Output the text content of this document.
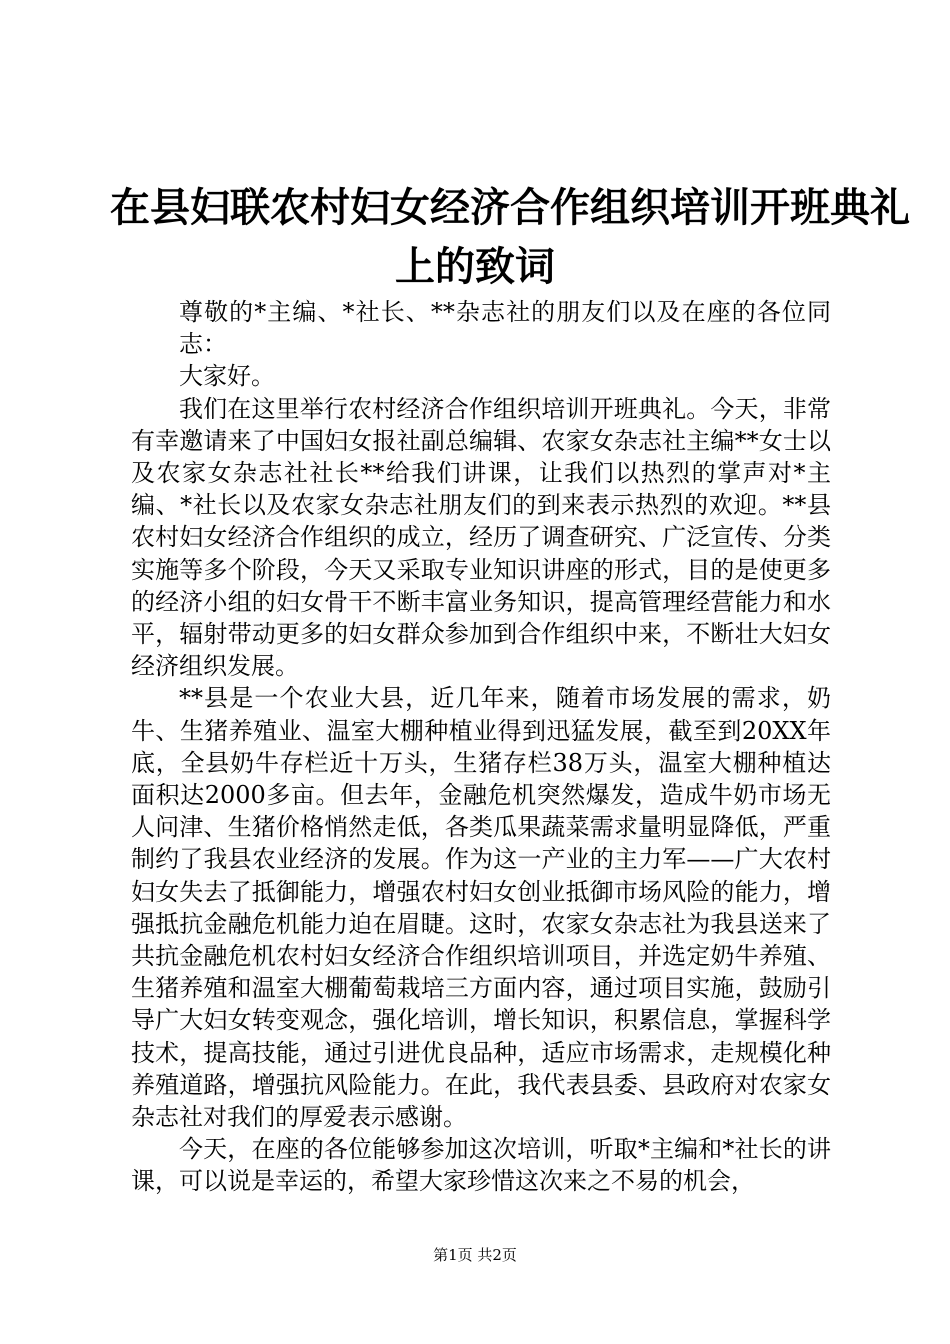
在县妇联农村妇女经济合作组织培训开班典礼
上的致词

尊敬的*主编、*社长、**杂志社的朋友们以及在座的各位同志：

大家好。

我们在这里举行农村经济合作组织培训开班典礼。今天，非常有幸邀请来了中国妇女报社副总编辑、农家女杂志社主编**女士以及农家女杂志社社长**给我们讲课，让我们以热烈的掌声对*主编、*社长以及农家女杂志社朋友们的到来表示热烈的欢迎。**县农村妇女经济合作组织的成立，经历了调查研究、广泛宣传、分类实施等多个阶段，今天又采取专业知识讲座的形式，目的是使更多的经济小组的妇女骨干不断丰富业务知识，提高管理经营能力和水平，辐射带动更多的妇女群众参加到合作组织中来，不断壮大妇女经济组织发展。

**县是一个农业大县，近几年来，随着市场发展的需求，奶牛、生猪养殖业、温室大棚种植业得到迅猛发展，截至到20XX年底，全县奶牛存栏近十万头，生猪存栏38万头，温室大棚种植达面积达2000多亩。但去年，金融危机突然爆发，造成牛奶市场无人问津、生猪价格悄然走低，各类瓜果蔬菜需求量明显降低，严重制约了我县农业经济的发展。作为这一产业的主力军——广大农村妇女失去了抵御能力，增强农村妇女创业抵御市场风险的能力，增强抵抗金融危机能力迫在眉睫。这时，农家女杂志社为我县送来了共抗金融危机农村妇女经济合作组织培训项目，并选定奶牛养殖、生猪养殖和温室大棚葡萄栽培三方面内容，通过项目实施，鼓励引导广大妇女转变观念，强化培训，增长知识，积累信息，掌握科学技术，提高技能，通过引进优良品种，适应市场需求，走规模化种养殖道路，增强抗风险能力。在此，我代表县委、县政府对农家女杂志社对我们的厚爱表示感谢。

今天，在座的各位能够参加这次培训，听取*主编和*社长的讲课，可以说是幸运的，希望大家珍惜这次来之不易的机会，

第1页 共2页
